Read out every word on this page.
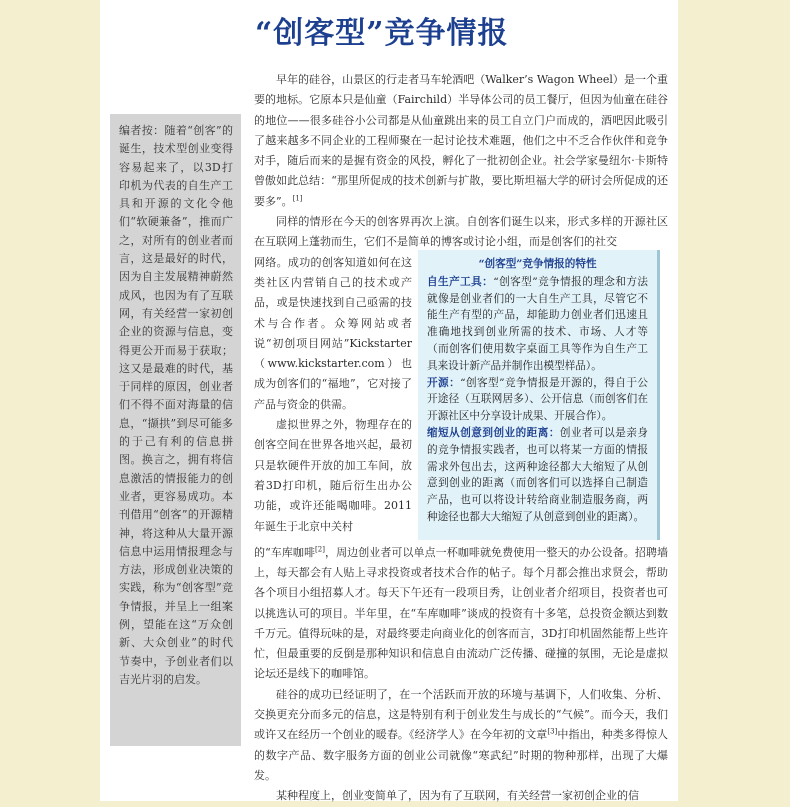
“创客型”竞争情报
编者按：随着“创客”的诞生，技术型创业变得容易起来了，以3D打印机为代表的自生产工具和开源的文化令他们“软硬兼备”，推而广之，对所有的创业者而言，这是最好的时代，因为自主发展精神蔚然成风，也因为有了互联网，有关经营一家初创企业的资源与信息，变得更公开而易于获取；这又是最难的时代，基于同样的原因，创业者们不得不面对海量的信息，“撷拱”到尽可能多的于己有利的信息拼图。换言之，拥有将信息激活的情报能力的创业者，更容易成功。本刊借用“创客”的开源精神，将这种从大量开源信息中运用情报理念与方法，形成创业决策的实践，称为“创客型”竞争情报，并呈上一组案例，望能在这“万众创新、大众创业”的时代节奏中，予创业者们以吉光片羽的启发。

早年的硅谷，山景区的行走者马车轮酒吧（Walker’s Wagon Wheel）是一个重要的地标。它原本只是仙童（Fairchild）半导体公司的员工餐厅，但因为仙童在硅谷的地位——很多硅谷小公司都是从仙童跳出来的员工自立门户而成的，酒吧因此吸引了越来越多不同企业的工程师聚在一起讨论技术难题，他们之中不乏合作伙伴和竞争对手，随后而来的是握有资金的风投，孵化了一批初创企业。社会学家曼纽尔·卡斯特曾傲如此总结：“那里所促成的技术创新与扩散，要比斯坦福大学的研讨会所促成的还要多”。[1]

同样的情形在今天的创客界再次上演。自创客们诞生以来，形式多样的开源社区在互联网上蓬勃而生，它们不是简单的博客或讨论小组，而是创客们的社交

网络。成功的创客知道如何在这类社区内营销自己的技术或产品，或是快速找到自己亟需的技术与合作者。众筹网站或者说“初创项目网站”Kickstarter（www.kickstarter.com）也成为创客们的“福地”，它对接了产品与资金的供需。
虚拟世界之外，物理存在的创客空间在世界各地兴起，最初只是软硬件开放的加工车间，放着3D打印机，随后衍生出办公功能，或许还能喝咖啡。2011年诞生于北京中关村

的“车库咖啡[2]，周边创业者可以单点一杯咖啡就免费使用一整天的办公设备。招聘墙上，每天都会有人贴上寻求投资或者技术合作的帖子。每个月都会推出求贤会，帮助各个项目小组招募人才。每天下午还有一段项目秀，让创业者介绍项目，投资者也可以挑选认可的项目。半年里，在“车库咖啡”谈成的投资有十多笔，总投资金额达到数千万元。值得玩味的是，对最终要走向商业化的创客而言，3D打印机固然能帮上些许忙，但最重要的反倒是那种知识和信息自由流动广泛传播、碰撞的氛围，无论是虚拟论坛还是线下的咖啡馆。

硅谷的成功已经证明了，在一个活跃而开放的环境与基调下，人们收集、分析、交换更充分而多元的信息，这是特别有利于创业发生与成长的“气候”。而今天，我们或许又在经历一个创业的暖春。《经济学人》在今年初的文章[3]中指出，种类多得惊人的数字产品、数字服务方面的创业公司就像“寒武纪”时期的物种那样，出现了大爆发。

某种程度上，创业变简单了，因为有了互联网，有关经营一家初创企业的信

“创客型”竞争情报的特性

自生产工具：“创客型”竞争情报的理念和方法就像是创业者们的一大自生产工具，尽管它不能生产有型的产品，却能助力创业者们迅速且准确地找到创业所需的技术、市场、人才等（而创客们使用数字桌面工具等作为自生产工具来设计新产品并制作出模型样品）。

开源：“创客型”竞争情报是开源的，得自于公开途径（互联网居多）、公开信息（而创客们在开源社区中分享设计成果、开展合作）。

缩短从创意到创业的距离：创业者可以是亲身的竞争情报实践者，也可以将某一方面的情报需求外包出去，这两种途径都大大缩短了从创意到创业的距离（而创客们可以选择自己制造产品，也可以将设计转给商业制造服务商，两种途径也都大大缩短了从创意到创业的距离）。
